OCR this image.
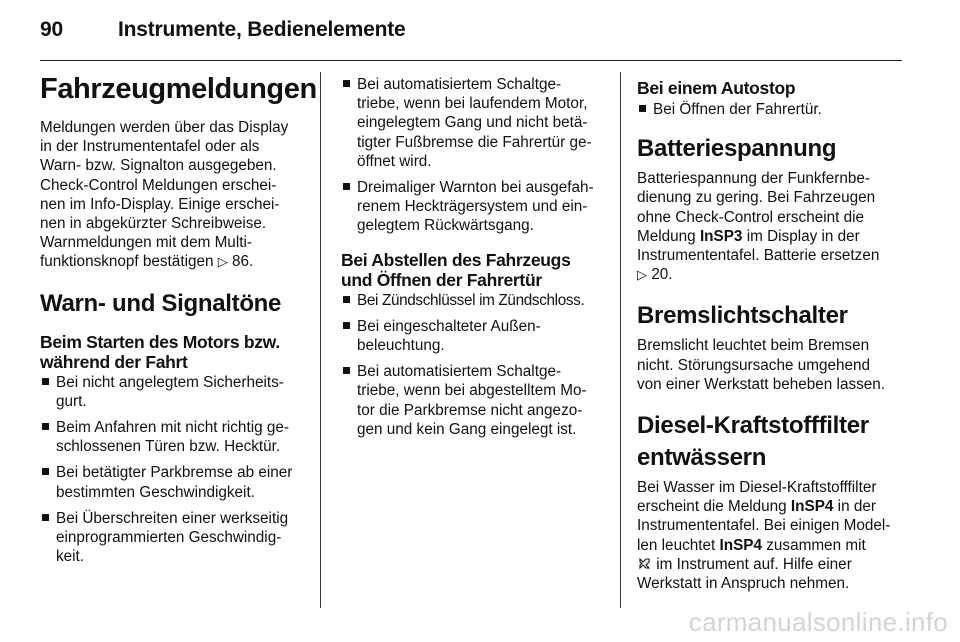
90	Instrumente, Bedienelemente
Fahrzeugmeldungen

Meldungen werden über das Display
in der Instrumententafel oder als
Warn- bzw. Signalton ausgegeben.
Check-Control Meldungen erschei-
nen im Info-Display. Einige erschei-
nen in abgekürzter Schreibweise.
Warnmeldungen mit dem Multi-
funktionsknopf bestätigen ▷ 86.

Warn- und Signaltöne
Beim Starten des Motors bzw.
während der Fahrt
Bei nicht angelegtem Sicherheits-
gurt.
Beim Anfahren mit nicht richtig ge-
schlossenen Türen bzw. Hecktür.
Bei betätigter Parkbremse ab einer
bestimmten Geschwindigkeit.
Bei Überschreiten einer werkseitig
einprogrammierten Geschwindig-
keit.
Bei automatisiertem Schaltge-
triebe, wenn bei laufendem Motor,
eingelegtem Gang und nicht betä-
tigter Fußbremse die Fahrertür ge-
öffnet wird.
Dreimaliger Warnton bei ausgefah-
renem Heckträgersystem und ein-
gelegtem Rückwärtsgang.
Bei Abstellen des Fahrzeugs
und Öffnen der Fahrertür
Bei Zündschlüssel im Zündschloss.
Bei eingeschalteter Außen-
beleuchtung.
Bei automatisiertem Schaltge-
triebe, wenn bei abgestelltem Mo-
tor die Parkbremse nicht angezo-
gen und kein Gang eingelegt ist.
Bei einem Autostop
Bei Öffnen der Fahrertür.
Batteriespannung

Batteriespannung der Funkfernbe-
dienung zu gering. Bei Fahrzeugen
ohne Check-Control erscheint die
Meldung InSP3 im Display in der
Instrumententafel. Batterie ersetzen
▷ 20.

Bremslichtschalter

Bremslicht leuchtet beim Bremsen
nicht. Störungsursache umgehend
von einer Werkstatt beheben lassen.

Diesel-Kraftstofffilter
entwässern

Bei Wasser im Diesel-Kraftstofffilter
erscheint die Meldung InSP4 in der
Instrumententafel. Bei einigen Model-
len leuchtet InSP4 zusammen mit
im Instrument auf. Hilfe einer
Werkstatt in Anspruch nehmen.

carmanualsonline.info
